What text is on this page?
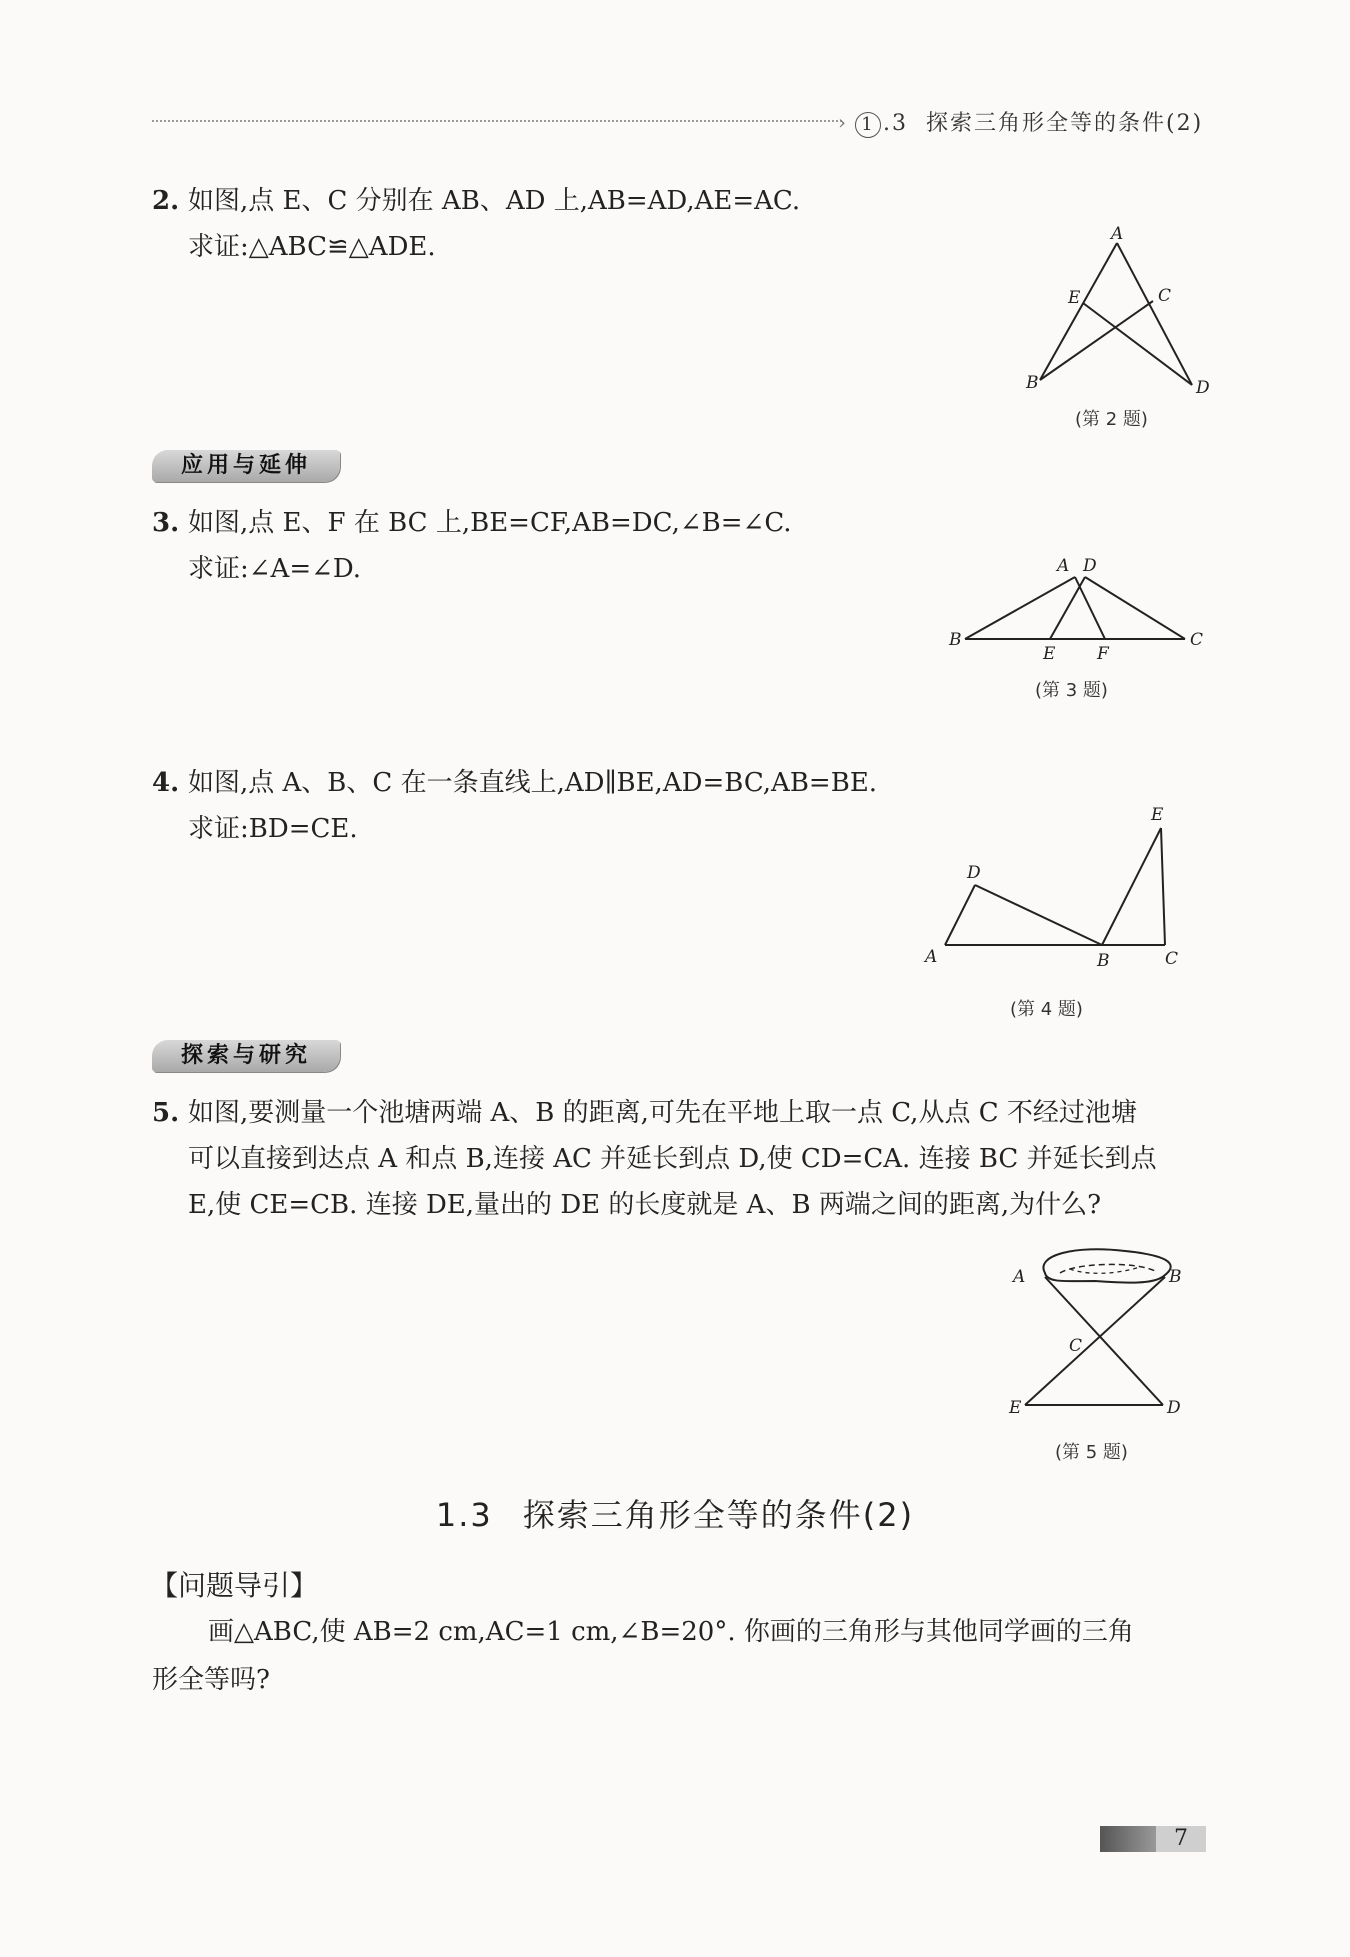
› 1 .3 探索三角形全等的条件(2)
2. 如图,点 E、C 分别在 AB、AD 上,AB=AD,AE=AC.
求证:△ABC≌△ADE.	A
E	C
B	D
(第 2 题)
应用与延伸
3. 如图,点 E、F 在 BC 上,BE=CF,AB=DC,∠B=∠C.
求证:∠A=∠D.	A D
B
E F
C
(第 3 题)
4. 如图,点 A、B、C 在一条直线上,AD∥BE,AD=BC,AB=BE.
求证:BD=CE.	E
D
A	B	C
(第 4 题)
探索与研究
5. 如图,要测量一个池塘两端 A、B 的距离,可先在平地上取一点 C,从点 C 不经过池塘
可以直接到达点 A 和点 B,连接 AC 并延长到点 D,使 CD=CA. 连接 BC 并延长到点
E,使 CE=CB. 连接 DE,量出的 DE 的长度就是 A、B 两端之间的距离,为什么?
A	B
C
E	D
(第 5 题)
1.3 探索三角形全等的条件(2)
【问题导引】
画△ABC,使 AB=2 cm,AC=1 cm,∠B=20°. 你画的三角形与其他同学画的三角
形全等吗?
7
